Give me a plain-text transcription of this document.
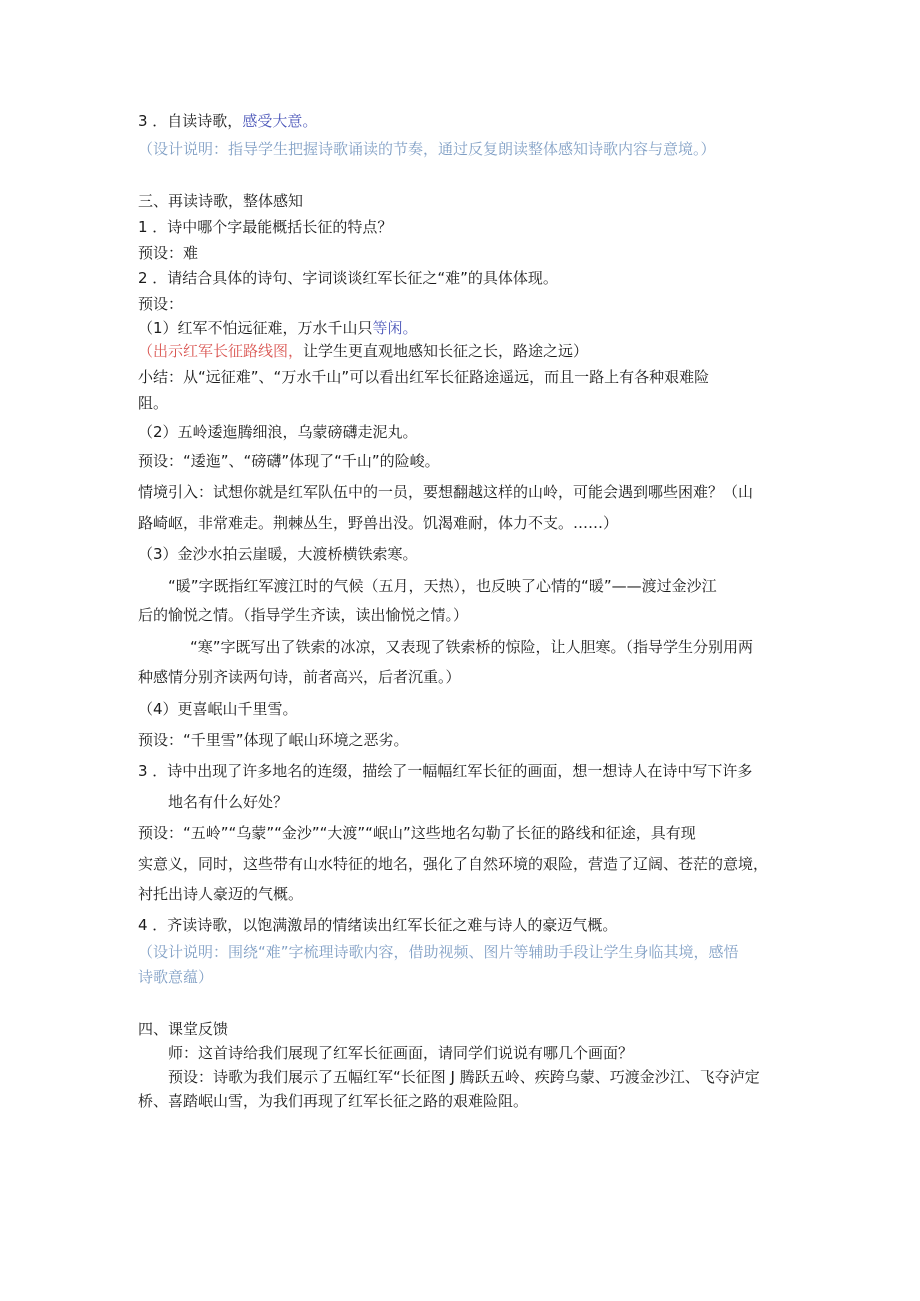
3 ．自读诗歌，感受大意。
（设计说明：指导学生把握诗歌诵读的节奏，通过反复朗读整体感知诗歌内容与意境。）
三、再读诗歌，整体感知
1 ．诗中哪个字最能概括长征的特点？
预设：难
2 ．请结合具体的诗句、字词谈谈红军长征之“难”的具体体现。
预设：
（1）红军不怕远征难，万水千山只等闲。
（出示红军长征路线图，让学生更直观地感知长征之长，路途之远）
小结：从“远征难”、“万水千山”可以看出红军长征路途遥远，而且一路上有各种艰难险
阻。
（2）五岭逶迤腾细浪，乌蒙磅礴走泥丸。
预设：“逶迤”、“磅礴”体现了“千山”的险峻。
情境引入：试想你就是红军队伍中的一员，要想翻越这样的山岭，可能会遇到哪些困难？（山
路崎岖，非常难走。荆棘丛生，野兽出没。饥渴难耐，体力不支。……）
（3）金沙水拍云崖暖，大渡桥横铁索寒。
“暖”字既指红军渡江时的气候（五月，天热），也反映了心情的“暖”——渡过金沙江
后的愉悦之情。（指导学生齐读，读出愉悦之情。）
“寒”字既写出了铁索的冰凉，又表现了铁索桥的惊险，让人胆寒。（指导学生分别用两
种感情分别齐读两句诗，前者高兴，后者沉重。）
（4）更喜岷山千里雪。
预设：“千里雪”体现了岷山环境之恶劣。
3 ．诗中出现了许多地名的连缀，描绘了一幅幅红军长征的画面，想一想诗人在诗中写下许多
地名有什么好处？
预设：“五岭”“乌蒙”“金沙”“大渡”“岷山”这些地名勾勒了长征的路线和征途，具有现
实意义，同时，这些带有山水特征的地名，强化了自然环境的艰险，营造了辽阔、苍茫的意境，
衬托出诗人豪迈的气概。
4 ．齐读诗歌，以饱满激昂的情绪读出红军长征之难与诗人的豪迈气概。
（设计说明：围绕“难”字梳理诗歌内容，借助视频、图片等辅助手段让学生身临其境，感悟
诗歌意蕴）
四、课堂反馈
师：这首诗给我们展现了红军长征画面，请同学们说说有哪几个画面？
预设：诗歌为我们展示了五幅红军“长征图 J 腾跃五岭、疾跨乌蒙、巧渡金沙江、飞夺泸定
桥、喜踏岷山雪，为我们再现了红军长征之路的艰难险阻。
